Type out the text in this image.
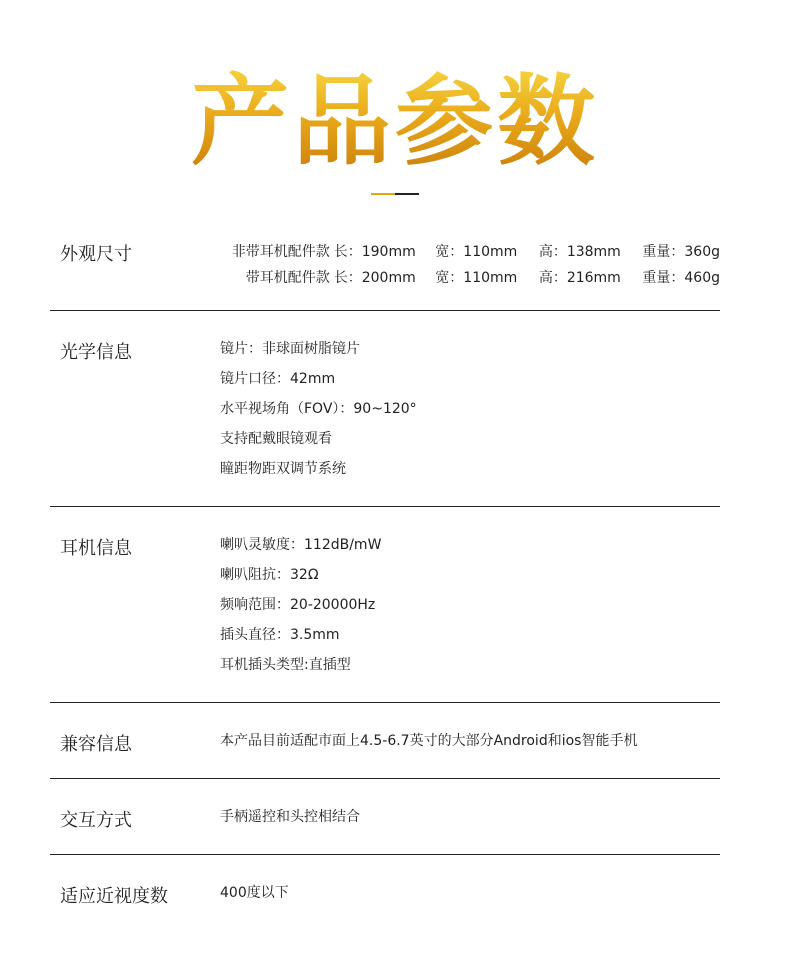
产品参数
外观尺寸	非带耳机配件款	长：190mm	宽：110mm	高：138mm	重量：360g
带耳机配件款	长：200mm	宽：110mm	高：216mm	重量：460g
光学信息	镜片：非球面树脂镜片
镜片口径：42mm
水平视场角（FOV）：90~120°
支持配戴眼镜观看
瞳距物距双调节系统
耳机信息	喇叭灵敏度：112dB/mW
喇叭阻抗：32Ω
频响范围：20-20000Hz
插头直径：3.5mm
耳机插头类型:直插型
兼容信息	本产品目前适配市面上4.5-6.7英寸的大部分Android和ios智能手机
交互方式	手柄遥控和头控相结合
适应近视度数	400度以下
